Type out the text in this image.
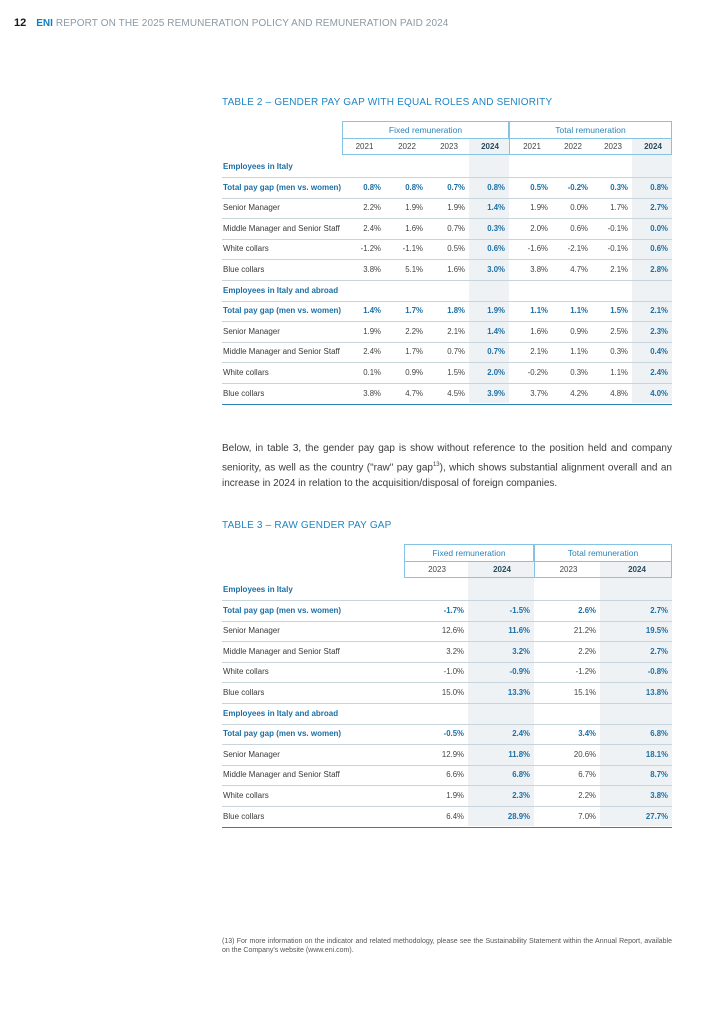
12 ENI REPORT ON THE 2025 REMUNERATION POLICY AND REMUNERATION PAID 2024
TABLE 2 – GENDER PAY GAP WITH EQUAL ROLES AND SENIORITY
Fixed remuneration	Total remuneration
2021	2022	2023	2024	2021	2022	2023	2024
Employees in Italy
Total pay gap (men vs. women)	0.8%	0.8%	0.7%	0.8%	0.5%	-0.2%	0.3%	0.8%
Senior Manager	2.2%	1.9%	1.9%	1.4%	1.9%	0.0%	1.7%	2.7%
Middle Manager and Senior Staff	2.4%	1.6%	0.7%	0.3%	2.0%	0.6%	-0.1%	0.0%
White collars	-1.2%	-1.1%	0.5%	0.6%	-1.6%	-2.1%	-0.1%	0.6%
Blue collars	3.8%	5.1%	1.6%	3.0%	3.8%	4.7%	2.1%	2.8%
Employees in Italy and abroad
Total pay gap (men vs. women)	1.4%	1.7%	1.8%	1.9%	1.1%	1.1%	1.5%	2.1%
Senior Manager	1.9%	2.2%	2.1%	1.4%	1.6%	0.9%	2.5%	2.3%
Middle Manager and Senior Staff	2.4%	1.7%	0.7%	0.7%	2.1%	1.1%	0.3%	0.4%
White collars	0.1%	0.9%	1.5%	2.0%	-0.2%	0.3%	1.1%	2.4%
Blue collars	3.8%	4.7%	4.5%	3.9%	3.7%	4.2%	4.8%	4.0%
Below, in table 3, the gender pay gap is show without reference to the position held and company seniority, as well as the country ("raw" pay gap$^{13}$), which shows substantial alignment overall and an increase in 2024 in relation to the acquisition/disposal of foreign companies.
TABLE 3 – RAW GENDER PAY GAP
Fixed remuneration	Total remuneration
2023	2024	2023	2024
Employees in Italy
Total pay gap (men vs. women)	-1.7%	-1.5%	2.6%	2.7%
Senior Manager	12.6%	11.6%	21.2%	19.5%
Middle Manager and Senior Staff	3.2%	3.2%	2.2%	2.7%
White collars	-1.0%	-0.9%	-1.2%	-0.8%
Blue collars	15.0%	13.3%	15.1%	13.8%
Employees in Italy and abroad
Total pay gap (men vs. women)	-0.5%	2.4%	3.4%	6.8%
Senior Manager	12.9%	11.8%	20.6%	18.1%
Middle Manager and Senior Staff	6.6%	6.8%	6.7%	8.7%
White collars	1.9%	2.3%	2.2%	3.8%
Blue collars	6.4%	28.9%	7.0%	27.7%
(13) For more information on the indicator and related methodology, please see the Sustainability Statement within the Annual Report, available on the Company's website (www.eni.com).
